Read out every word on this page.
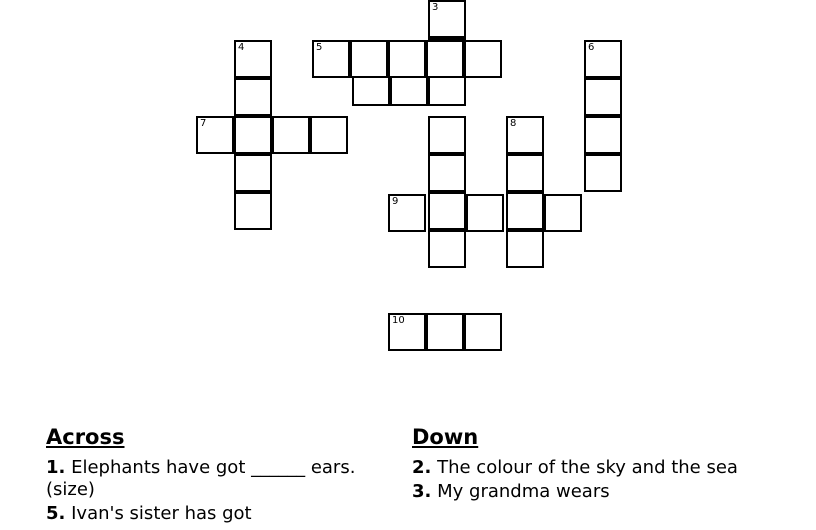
3
4	5	6
7	8
9
10
Across
1. Elephants have got ______ ears. (size)
5. Ivan's sister has got
Down
2. The colour of the sky and the sea
3. My grandma wears
